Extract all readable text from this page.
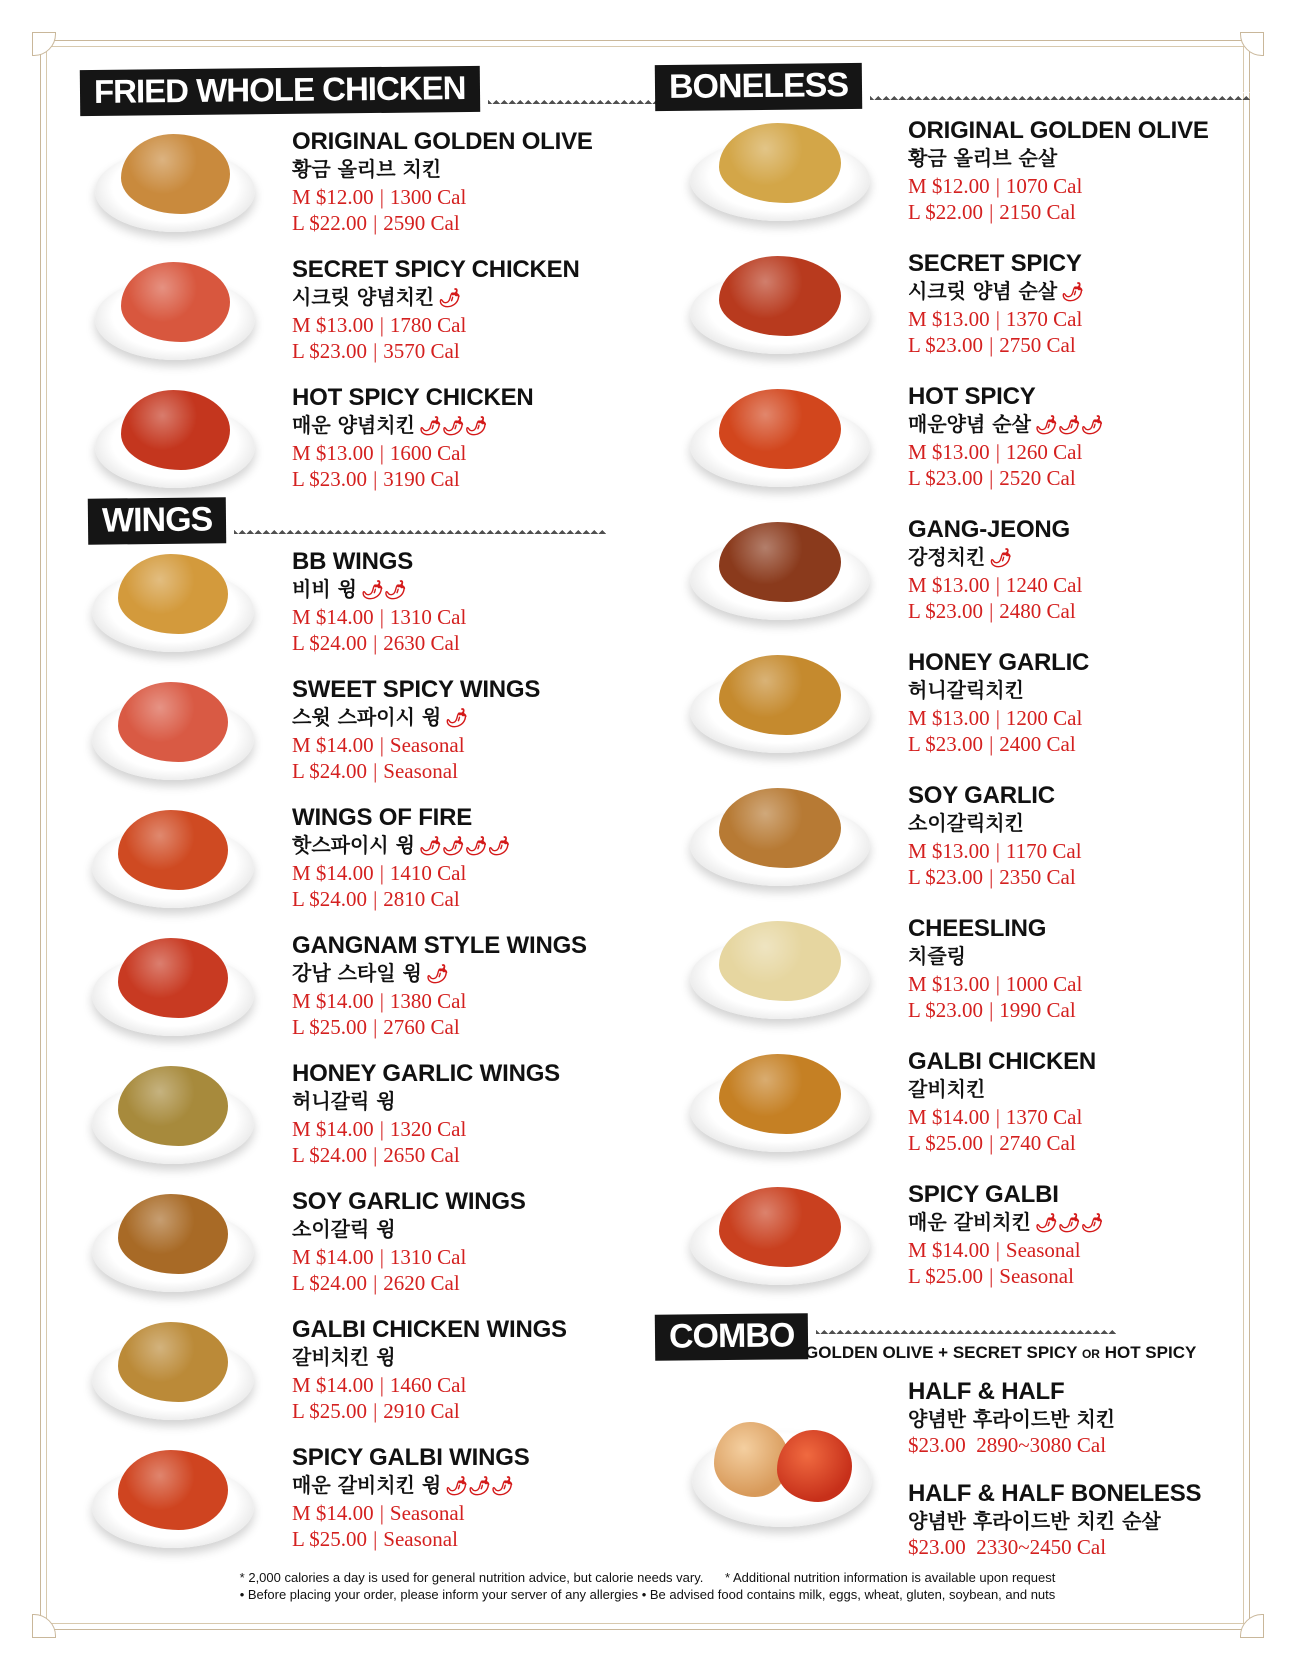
FRIED WHOLE CHICKEN
WINGS
BONELESS
COMBO GOLDEN OLIVE + SECRET SPICY OR HOT SPICY
ORIGINAL GOLDEN OLIVE
황금 올리브 치킨
M $12.00 | 1300 Cal
L $22.00 | 2590 Cal
SECRET SPICY CHICKEN
시크릿 양념치킨 🌶
M $13.00 | 1780 Cal
L $23.00 | 3570 Cal
HOT SPICY CHICKEN
매운 양념치킨 🌶🌶🌶
M $13.00 | 1600 Cal
L $23.00 | 3190 Cal
BB WINGS
비비 윙 🌶🌶
M $14.00 | 1310 Cal
L $24.00 | 2630 Cal
SWEET SPICY WINGS
스윗 스파이시 윙 🌶
M $14.00 | Seasonal
L $24.00 | Seasonal
WINGS OF FIRE
핫스파이시 윙 🌶🌶🌶🌶
M $14.00 | 1410 Cal
L $24.00 | 2810 Cal
GANGNAM STYLE WINGS
강남 스타일 윙 🌶
M $14.00 | 1380 Cal
L $25.00 | 2760 Cal
HONEY GARLIC WINGS
허니갈릭 윙
M $14.00 | 1320 Cal
L $24.00 | 2650 Cal
SOY GARLIC WINGS
소이갈릭 윙
M $14.00 | 1310 Cal
L $24.00 | 2620 Cal
GALBI CHICKEN WINGS
갈비치킨 윙
M $14.00 | 1460 Cal
L $25.00 | 2910 Cal
SPICY GALBI WINGS
매운 갈비치킨 윙 🌶🌶🌶
M $14.00 | Seasonal
L $25.00 | Seasonal
ORIGINAL GOLDEN OLIVE
황금 올리브 순살
M $12.00 | 1070 Cal
L $22.00 | 2150 Cal
SECRET SPICY
시크릿 양념 순살 🌶
M $13.00 | 1370 Cal
L $23.00 | 2750 Cal
HOT SPICY
매운양념 순살 🌶🌶🌶
M $13.00 | 1260 Cal
L $23.00 | 2520 Cal
GANG-JEONG
강정치킨 🌶
M $13.00 | 1240 Cal
L $23.00 | 2480 Cal
HONEY GARLIC
허니갈릭치킨
M $13.00 | 1200 Cal
L $23.00 | 2400 Cal
SOY GARLIC
소이갈릭치킨
M $13.00 | 1170 Cal
L $23.00 | 2350 Cal
CHEESLING
치즐링
M $13.00 | 1000 Cal
L $23.00 | 1990 Cal
GALBI CHICKEN
갈비치킨
M $14.00 | 1370 Cal
L $25.00 | 2740 Cal
SPICY GALBI
매운 갈비치킨 🌶🌶🌶
M $14.00 | Seasonal
L $25.00 | Seasonal
HALF & HALF
양념반 후라이드반 치킨
$23.00 2890~3080 Cal
HALF & HALF BONELESS
양념반 후라이드반 치킨 순살
$23.00 2330~2450 Cal
* 2,000 calories a day is used for general nutrition advice, but calorie needs vary. * Additional nutrition information is available upon request
• Before placing your order, please inform your server of any allergies • Be advised food contains milk, eggs, wheat, gluten, soybean, and nuts
